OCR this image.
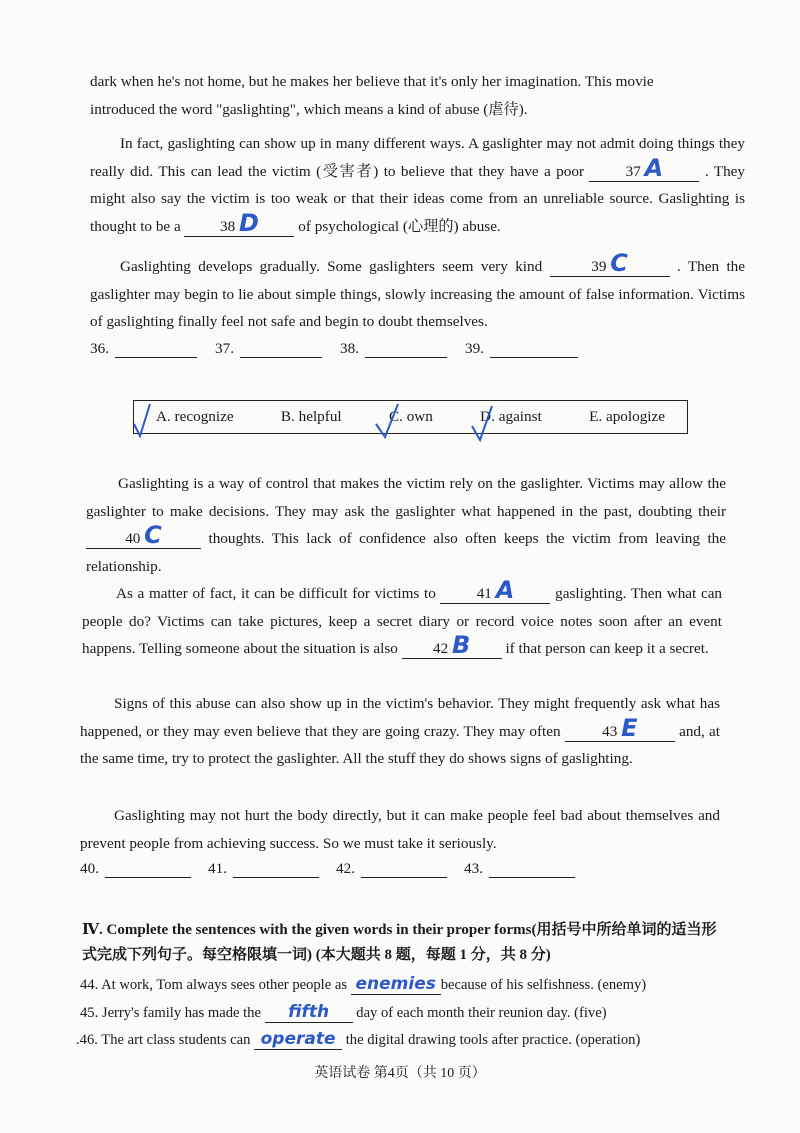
dark when he's not home, but he makes her believe that it's only her imagination. This movie

introduced the word "gaslighting", which means a kind of abuse (虐待).

In fact, gaslighting can show up in many different ways. A gaslighter may not admit doing things they really did. This can lead the victim (受害者) to believe that they have a poor	37 A	. They might also say the victim is too weak or that their ideas come from an unreliable source. Gaslighting is thought to be a	38 D	of psychological (心理的) abuse.
Gaslighting develops gradually. Some gaslighters seem very kind	39 C	. Then the gaslighter may begin to lie about simple things, slowly increasing the amount of false information. Victims of gaslighting finally feel not safe and begin to doubt themselves.
36.	37.	38.	39.
A. recognize	B. helpful	C. own	D. against	E. apologize
Gaslighting is a way of control that makes the victim rely on the gaslighter. Victims may allow the gaslighter to make decisions. They may ask the gaslighter what happened in the past, doubting their 40 C	thoughts. This lack of confidence also often keeps the victim from leaving the relationship.
As a matter of fact, it can be difficult for victims to	41 A	gaslighting. Then what can people do? Victims can take pictures, keep a secret diary or record voice notes soon after an event happens. Telling someone about the situation is also 42 B if that person can keep it a secret.
Signs of this abuse can also show up in the victim's behavior. They might frequently ask what has happened, or they may even believe that they are going crazy. They may often	43 E	and, at the same time, try to protect the gaslighter. All the stuff they do shows signs of gaslighting.
Gaslighting may not hurt the body directly, but it can make people feel bad about themselves and prevent people from achieving success. So we must take it seriously.
40.	41.	42.	43.
Ⅳ. Complete the sentences with the given words in their proper forms(用括号中所给单词的适当形式完成下列句子。每空格限填一词) (本大题共 8 题，每题 1 分，共 8 分)
44. At work, Tom always sees other people as enemies because of his selfishness. (enemy)
45. Jerry's family has made the fifth day of each month their reunion day. (five)
.46. The art class students can operate the digital drawing tools after practice. (operation)
英语试卷 第4页（共 10 页）
